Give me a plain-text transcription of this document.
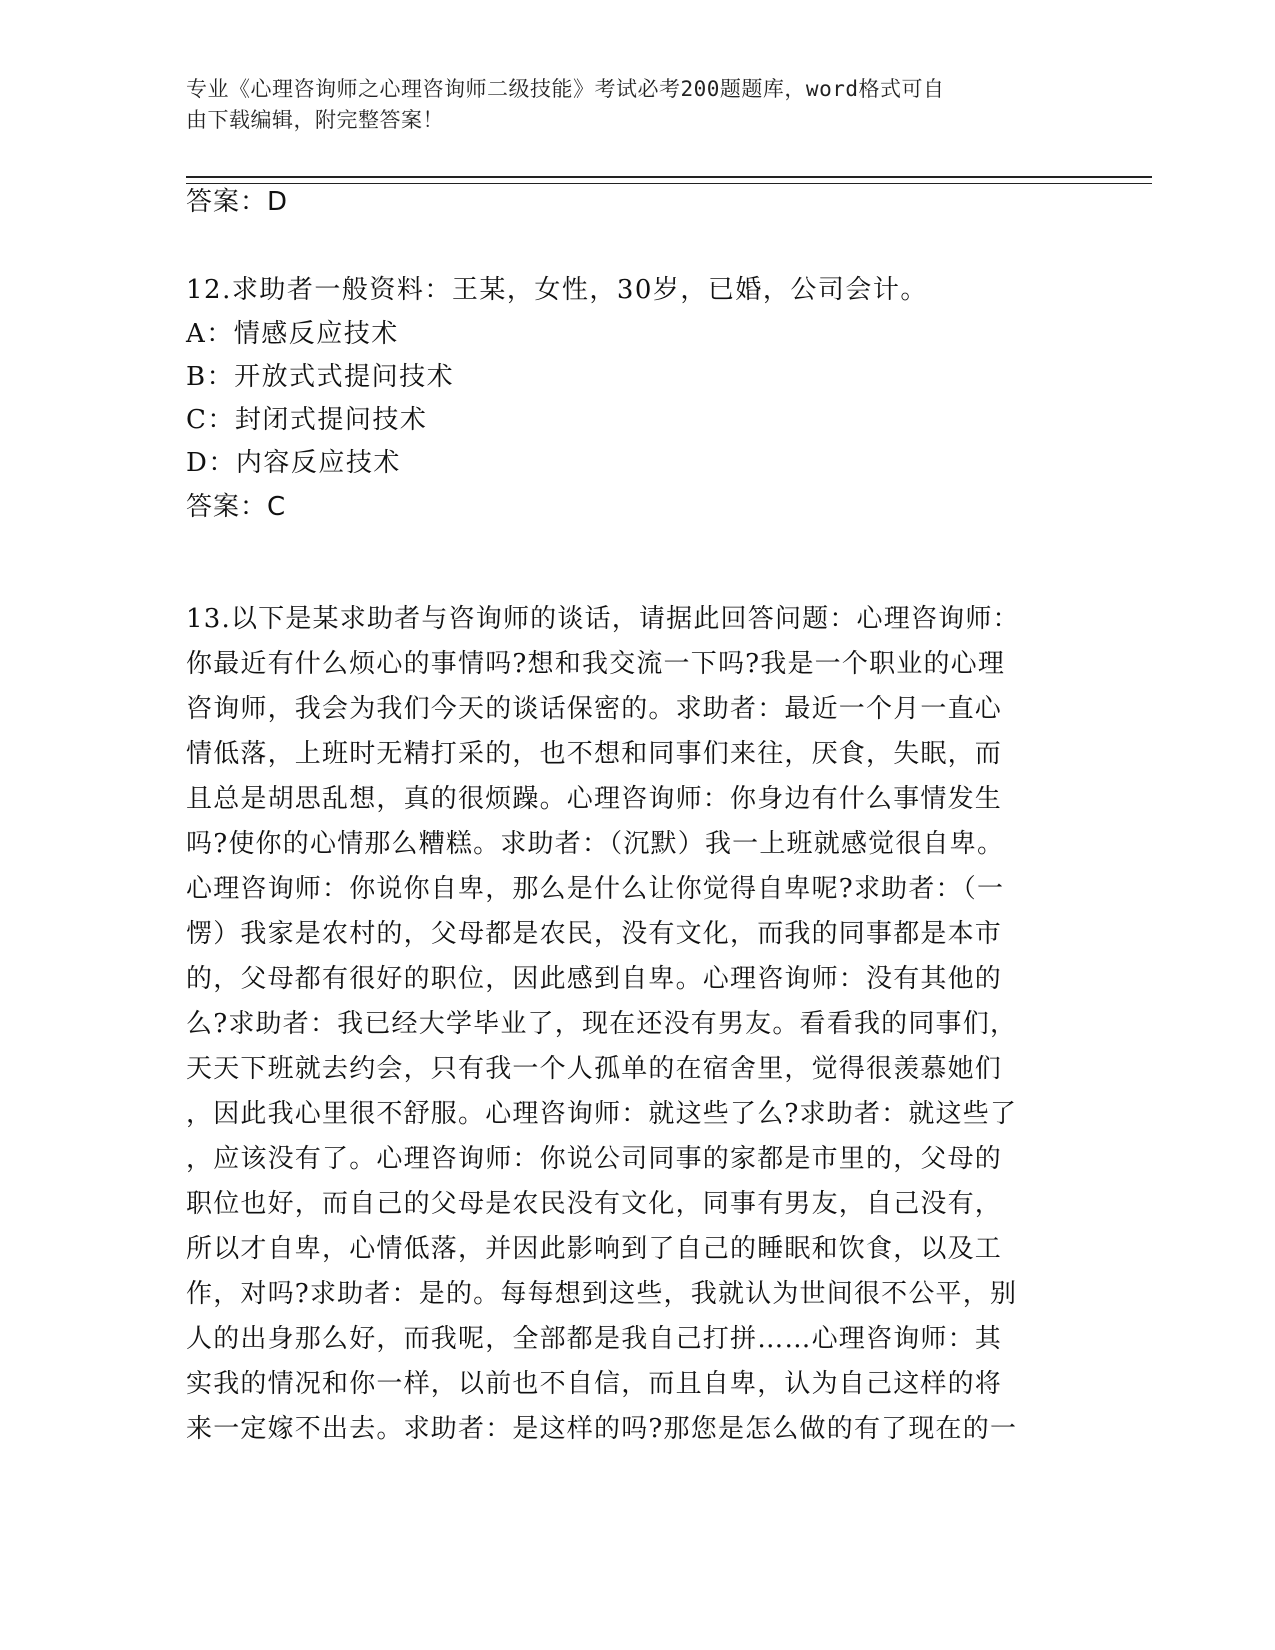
专业《心理咨询师之心理咨询师二级技能》考试必考200题题库，word格式可自
由下载编辑，附完整答案！
答案：D
12.求助者一般资料：王某，女性，30岁，已婚，公司会计。
A：情感反应技术
B：开放式式提问技术
C：封闭式提问技术
D：内容反应技术
答案：C
13.以下是某求助者与咨询师的谈话，请据此回答问题：心理咨询师：
你最近有什么烦心的事情吗?想和我交流一下吗?我是一个职业的心理
咨询师，我会为我们今天的谈话保密的。求助者：最近一个月一直心
情低落，上班时无精打采的，也不想和同事们来往，厌食，失眠，而
且总是胡思乱想，真的很烦躁。心理咨询师：你身边有什么事情发生
吗?使你的心情那么糟糕。求助者：（沉默）我一上班就感觉很自卑。
心理咨询师：你说你自卑，那么是什么让你觉得自卑呢?求助者：（一
愣）我家是农村的，父母都是农民，没有文化，而我的同事都是本市
的，父母都有很好的职位，因此感到自卑。心理咨询师：没有其他的
么?求助者：我已经大学毕业了，现在还没有男友。看看我的同事们，
天天下班就去约会，只有我一个人孤单的在宿舍里，觉得很羡慕她们
，因此我心里很不舒服。心理咨询师：就这些了么?求助者：就这些了
，应该没有了。心理咨询师：你说公司同事的家都是市里的，父母的
职位也好，而自己的父母是农民没有文化，同事有男友，自己没有，
所以才自卑，心情低落，并因此影响到了自己的睡眠和饮食，以及工
作，对吗?求助者：是的。每每想到这些，我就认为世间很不公平，别
人的出身那么好，而我呢，全部都是我自己打拼……心理咨询师：其
实我的情况和你一样，以前也不自信，而且自卑，认为自己这样的将
来一定嫁不出去。求助者：是这样的吗?那您是怎么做的有了现在的一
